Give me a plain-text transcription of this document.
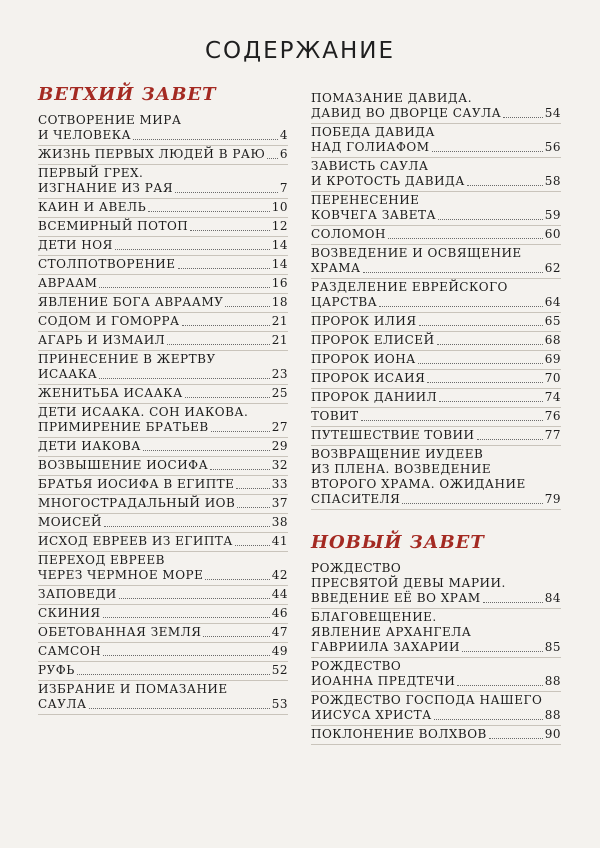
СОДЕРЖАНИЕ
ВЕТХИЙ ЗАВЕТ
СОТВОРЕНИЕ МИРА
И ЧЕЛОВЕКА	4
ЖИЗНЬ ПЕРВЫХ ЛЮДЕЙ В РАЮ 6
ПЕРВЫЙ ГРЕХ.
ИЗГНАНИЕ ИЗ РАЯ	7
КАИН И АВЕЛЬ	10
ВСЕМИРНЫЙ ПОТОП	12
ДЕТИ НОЯ	14
СТОЛПОТВОРЕНИЕ	14
АВРААМ	16
ЯВЛЕНИЕ БОГА АВРААМУ	18
СОДОМ И ГОМОРРА	21
АГАРЬ И ИЗМАИЛ	21
ПРИНЕСЕНИЕ В ЖЕРТВУ
ИСААКА	23
ЖЕНИТЬБА ИСААКА	25
ДЕТИ ИСААКА. СОН ИАКОВА.
ПРИМИРЕНИЕ БРАТЬЕВ	27
ДЕТИ ИАКОВА	29
ВОЗВЫШЕНИЕ ИОСИФА	32
БРАТЬЯ ИОСИФА В ЕГИПТЕ	33
МНОГОСТРАДАЛЬНЫЙ ИОВ	37
МОИСЕЙ	38
ИСХОД ЕВРЕЕВ ИЗ ЕГИПТА	41
ПЕРЕХОД ЕВРЕЕВ
ЧЕРЕЗ ЧЕРМНОЕ МОРЕ	42
ЗАПОВЕДИ	44
СКИНИЯ	46
ОБЕТОВАННАЯ ЗЕМЛЯ	47
САМСОН	49
РУФЬ	52
ИЗБРАНИЕ И ПОМАЗАНИЕ
САУЛА	53
ПОМАЗАНИЕ ДАВИДА.
ДАВИД ВО ДВОРЦЕ САУЛА	54
ПОБЕДА ДАВИДА
НАД ГОЛИАФОМ	56
ЗАВИСТЬ САУЛА
И КРОТОСТЬ ДАВИДА	58
ПЕРЕНЕСЕНИЕ
КОВЧЕГА ЗАВЕТА	59
СОЛОМОН	60
ВОЗВЕДЕНИЕ И ОСВЯЩЕНИЕ
ХРАМА	62
РАЗДЕЛЕНИЕ ЕВРЕЙСКОГО
ЦАРСТВА	64
ПРОРОК ИЛИЯ	65
ПРОРОК ЕЛИСЕЙ	68
ПРОРОК ИОНА	69
ПРОРОК ИСАИЯ	70
ПРОРОК ДАНИИЛ	74
ТОВИТ	76
ПУТЕШЕСТВИЕ ТОВИИ	77
ВОЗВРАЩЕНИЕ ИУДЕЕВ
ИЗ ПЛЕНА. ВОЗВЕДЕНИЕ
ВТОРОГО ХРАМА. ОЖИДАНИЕ
СПАСИТЕЛЯ	79
НОВЫЙ ЗАВЕТ
РОЖДЕСТВО
ПРЕСВЯТОЙ ДЕВЫ МАРИИ.
ВВЕДЕНИЕ ЕЁ ВО ХРАМ	84
БЛАГОВЕЩЕНИЕ.
ЯВЛЕНИЕ АРХАНГЕЛА
ГАВРИИЛА ЗАХАРИИ	85
РОЖДЕСТВО
ИОАННА ПРЕДТЕЧИ	88
РОЖДЕСТВО ГОСПОДА НАШЕГО
ИИСУСА ХРИСТА	88
ПОКЛОНЕНИЕ ВОЛХВОВ	90
